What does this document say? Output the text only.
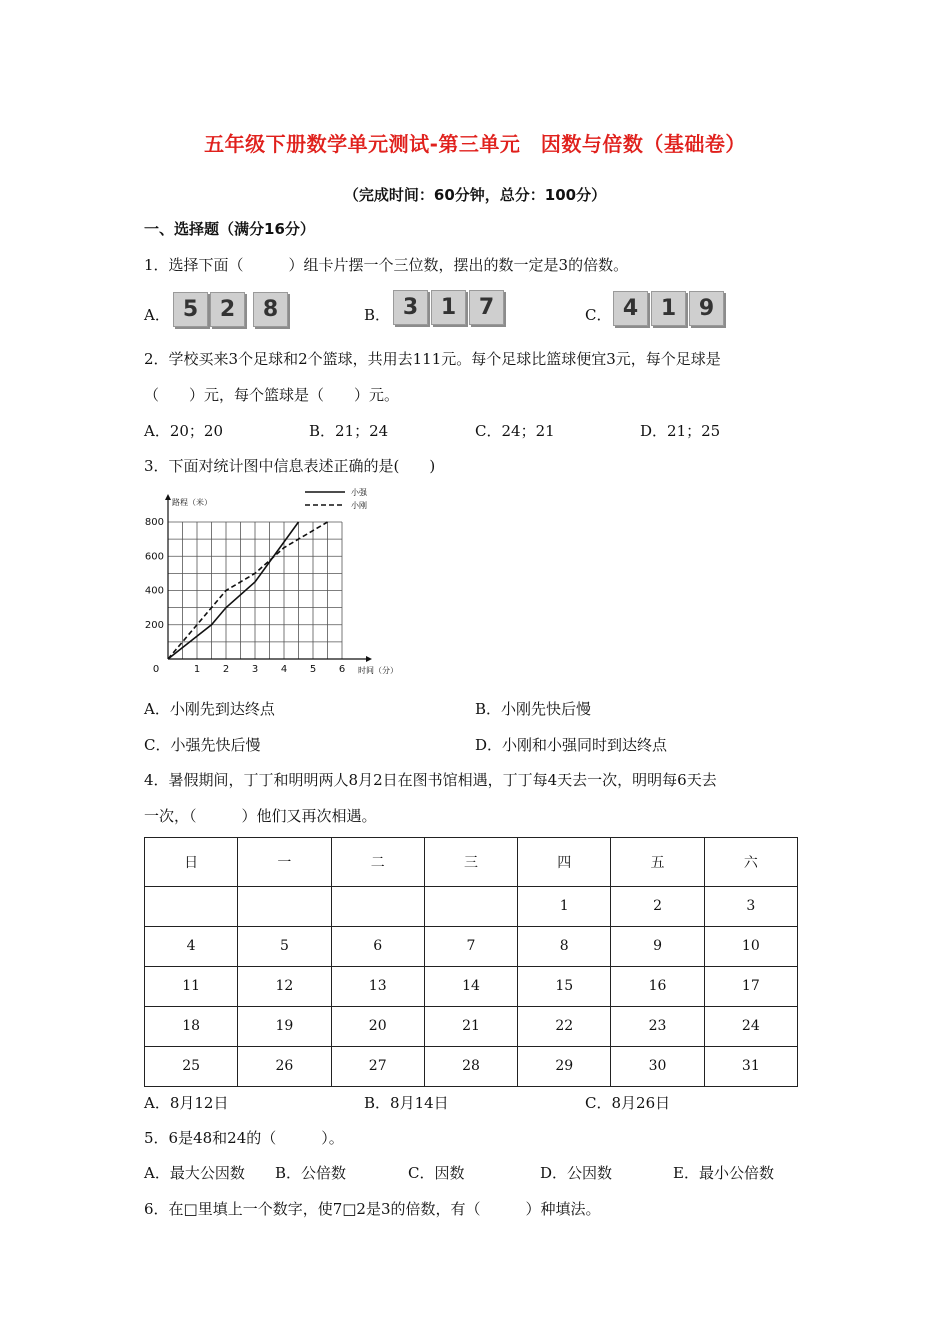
五年级下册数学单元测试-第三单元　因数与倍数（基础卷）
（完成时间：60分钟，总分：100分）
一、选择题（满分16分）
1．选择下面（　　　）组卡片摆一个三位数，摆出的数一定是3的倍数。
A． 5 2	8	B． 3	1	7	C． 4	1	9
2．学校买来3个足球和2个篮球，共用去111元。每个足球比篮球便宜3元，每个足球是
（　　）元，每个篮球是（　　）元。
A．20；20	B．21；24	C．24；21	D．21；25
3．下面对统计图中信息表述正确的是(　　)
0	1 2 3 4 5 6
200
400
600
800
路程（米）
时间（分）
小强
小刚
A．小刚先到达终点	B．小刚先快后慢
C．小强先快后慢	D．小刚和小强同时到达终点
4．暑假期间，丁丁和明明两人8月2日在图书馆相遇，丁丁每4天去一次，明明每6天去
一次，（　　　）他们又再次相遇。
日	一	二	三	四	五	六
				1	2	3
4	5	6	7	8	9	10
11	12	13	14	15	16	17
18	19	20	21	22	23	24
25	26	27	28	29	30	31
A．8月12日	B．8月14日	C．8月26日
5．6是48和24的（　　　）。
A．最大公因数 B．公倍数	C．因数	D．公因数	E．最小公倍数
6．在□里填上一个数字，使7□2是3的倍数，有（　　　）种填法。
